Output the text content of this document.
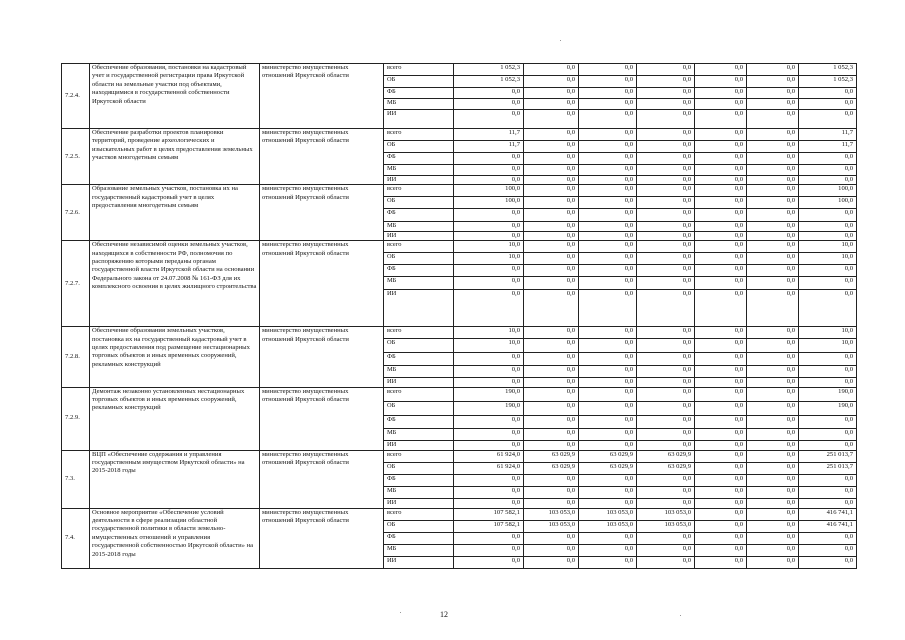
7.2.4.	Обеспечение образования, постановки на кадастровый учет и государственной регистрации права Иркутской области на земельные участки под объектами, находящимися в государственной собственности Иркутской области	министерство имущественных отношений Иркутской области	всего	1 052,3	0,0	0,0	0,0	0,0	0,0	1 052,3
			ОБ	1 052,3	0,0	0,0	0,0	0,0	0,0	1 052,3
			ФБ	0,0	0,0	0,0	0,0	0,0	0,0	0,0
			МБ	0,0	0,0	0,0	0,0	0,0	0,0	0,0
			ИИ	0,0	0,0	0,0	0,0	0,0	0,0	0,0
7.2.5.	Обеспечение разработки проектов планировки территорий, проведение археологических и изыскательных работ в целях предоставления земельных участков многодетным семьям	министерство имущественных отношений Иркутской области	всего	11,7	0,0	0,0	0,0	0,0	0,0	11,7
			ОБ	11,7	0,0	0,0	0,0	0,0	0,0	11,7
			ФБ	0,0	0,0	0,0	0,0	0,0	0,0	0,0
			МБ	0,0	0,0	0,0	0,0	0,0	0,0	0,0
			ИИ	0,0	0,0	0,0	0,0	0,0	0,0	0,0
7.2.6.	Образование земельных участков, постановка их на государственный кадастровый учет в целях предоставления многодетным семьям	министерство имущественных отношений Иркутской области	всего	100,0	0,0	0,0	0,0	0,0	0,0	100,0
			ОБ	100,0	0,0	0,0	0,0	0,0	0,0	100,0
			ФБ	0,0	0,0	0,0	0,0	0,0	0,0	0,0
			МБ	0,0	0,0	0,0	0,0	0,0	0,0	0,0
			ИИ	0,0	0,0	0,0	0,0	0,0	0,0	0,0
7.2.7.	Обеспечение независимой оценки земельных участков, находящихся в собственности РФ, полномочия по распоряжению которыми переданы органам государственной власти Иркутской области на основании Федерального закона от 24.07.2008 № 161-ФЗ для их комплексного освоения в целях жилищного строительства	министерство имущественных отношений Иркутской области	всего	10,0	0,0	0,0	0,0	0,0	0,0	10,0
			ОБ	10,0	0,0	0,0	0,0	0,0	0,0	10,0
			ФБ	0,0	0,0	0,0	0,0	0,0	0,0	0,0
			МБ	0,0	0,0	0,0	0,0	0,0	0,0	0,0
			ИИ	0,0	0,0	0,0	0,0	0,0	0,0	0,0
7.2.8.	Обеспечение образования земельных участков, постановка их на государственный кадастровый учет в целях предоставления под размещение нестационарных торговых объектов и иных временных сооружений, рекламных конструкций	министерство имущественных отношений Иркутской области	всего	10,0	0,0	0,0	0,0	0,0	0,0	10,0
			ОБ	10,0	0,0	0,0	0,0	0,0	0,0	10,0
			ФБ	0,0	0,0	0,0	0,0	0,0	0,0	0,0
			МБ	0,0	0,0	0,0	0,0	0,0	0,0	0,0
			ИИ	0,0	0,0	0,0	0,0	0,0	0,0	0,0
7.2.9.	Демонтаж незаконно установленных нестационарных торговых объектов и иных временных сооружений, рекламных конструкций	министерство имущественных отношений Иркутской области	всего	190,0	0,0	0,0	0,0	0,0	0,0	190,0
			ОБ	190,0	0,0	0,0	0,0	0,0	0,0	190,0
			ФБ	0,0	0,0	0,0	0,0	0,0	0,0	0,0
			МБ	0,0	0,0	0,0	0,0	0,0	0,0	0,0
			ИИ	0,0	0,0	0,0	0,0	0,0	0,0	0,0
7.3.	ВЦП «Обеспечение содержания и управления государственным имуществом Иркутской области» на 2015-2018 годы	министерство имущественных отношений Иркутской области	всего	61 924,0	63 029,9	63 029,9	63 029,9	0,0	0,0	251 013,7
			ОБ	61 924,0	63 029,9	63 029,9	63 029,9	0,0	0,0	251 013,7
			ФБ	0,0	0,0	0,0	0,0	0,0	0,0	0,0
			МБ	0,0	0,0	0,0	0,0	0,0	0,0	0,0
			ИИ	0,0	0,0	0,0	0,0	0,0	0,0	0,0
7.4.	Основное мероприятие «Обеспечение условий деятельности в сфере реализации областной государственной политики в области земельно-имущественных отношений и управления государственной собственностью Иркутской области» на 2015-2018 годы	министерство имущественных отношений Иркутской области	всего	107 582,1	103 053,0	103 053,0	103 053,0	0,0	0,0	416 741,1
			ОБ	107 582,1	103 053,0	103 053,0	103 053,0	0,0	0,0	416 741,1
			ФБ	0,0	0,0	0,0	0,0	0,0	0,0	0,0
			МБ	0,0	0,0	0,0	0,0	0,0	0,0	0,0
			ИИ	0,0	0,0	0,0	0,0	0,0	0,0	0,0
12
